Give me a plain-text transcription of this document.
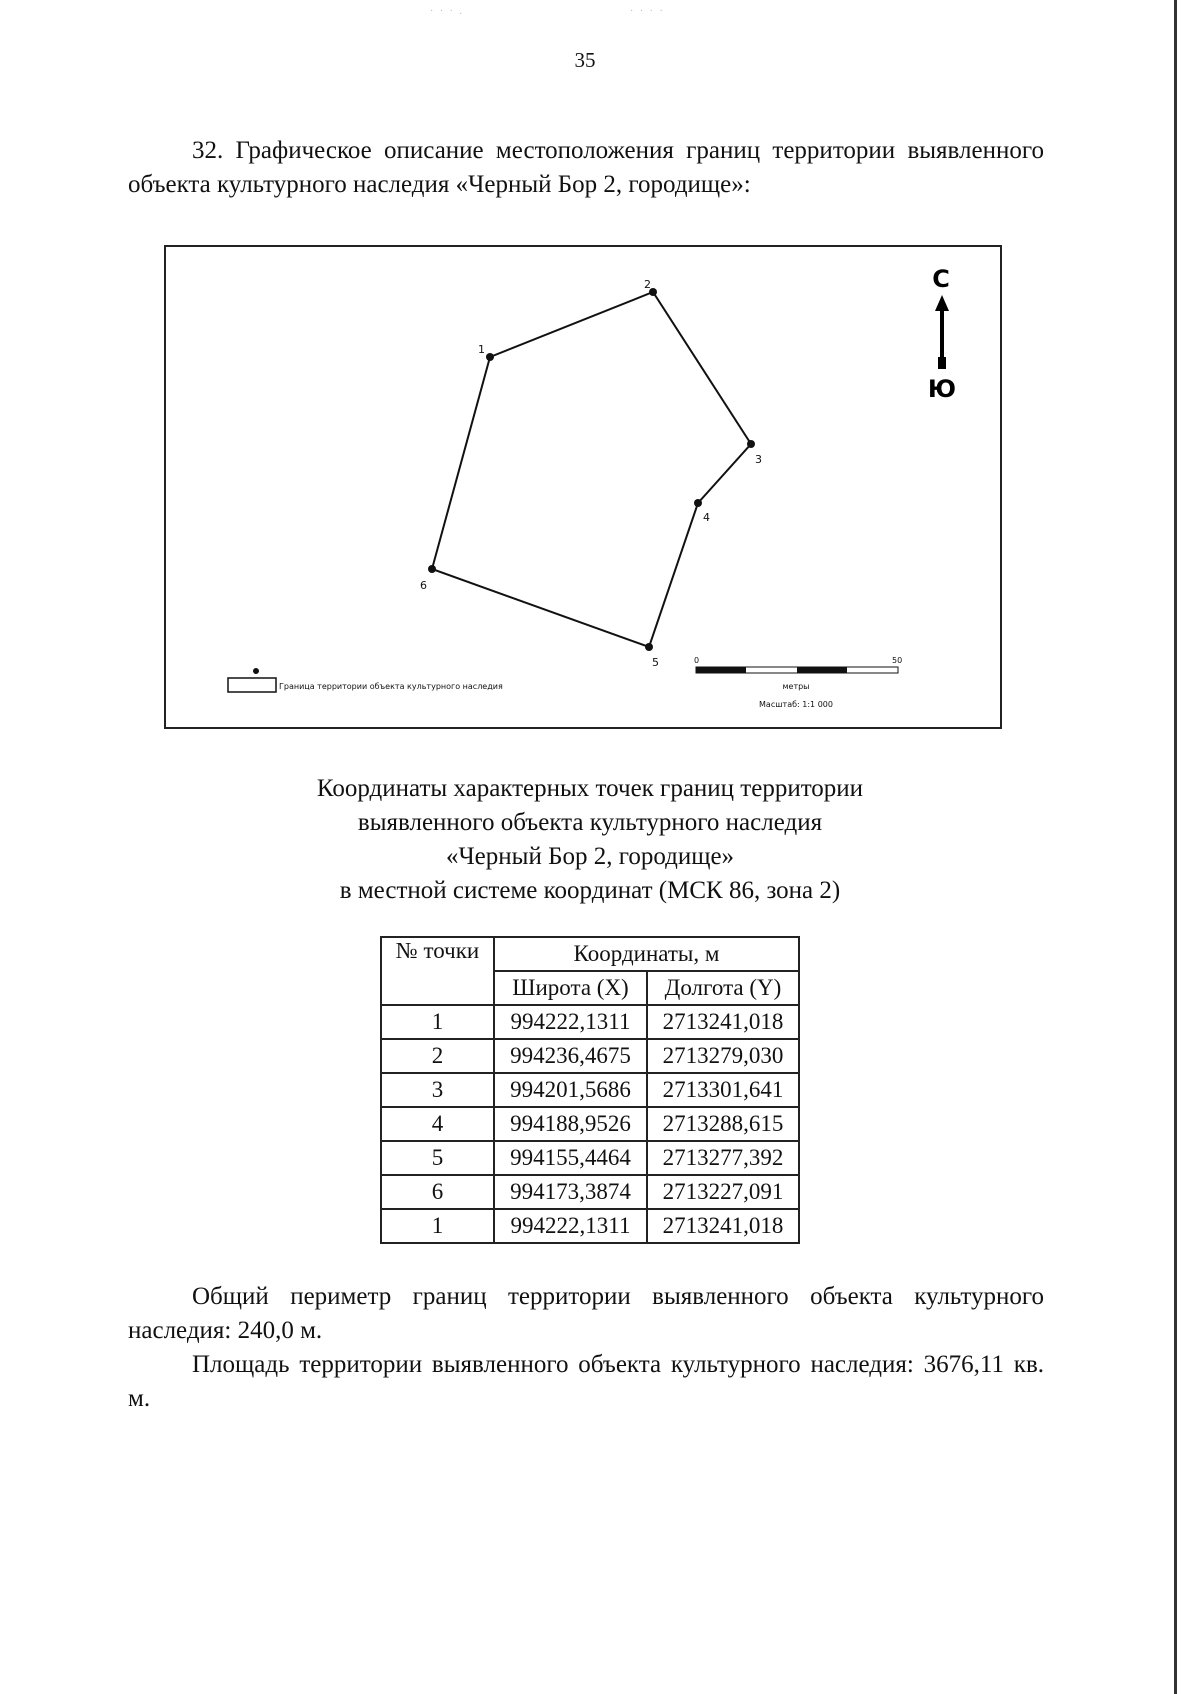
· · · .	· · · ·
35
32. Графическое описание местоположения границ территории выявленного объекта культурного наследия «Черный Бор 2, городище»:
1
2
3
4
5
6
С
Ю
Граница территории объекта культурного наследия
0	50
метры
Масштаб: 1:1 000
Координаты характерных точек границ территории
выявленного объекта культурного наследия
«Черный Бор 2, городище»
в местной системе координат (МСК 86, зона 2)
№ точки	Координаты, м	
	Широта (X)	Долгота (Y)
1	994222,1311	2713241,018
2	994236,4675	2713279,030
3	994201,5686	2713301,641
4	994188,9526	2713288,615
5	994155,4464	2713277,392
6	994173,3874	2713227,091
1	994222,1311	2713241,018
Общий периметр границ территории выявленного объекта культурного наследия: 240,0 м.
Площадь территории выявленного объекта культурного наследия: 3676,11 кв. м.
